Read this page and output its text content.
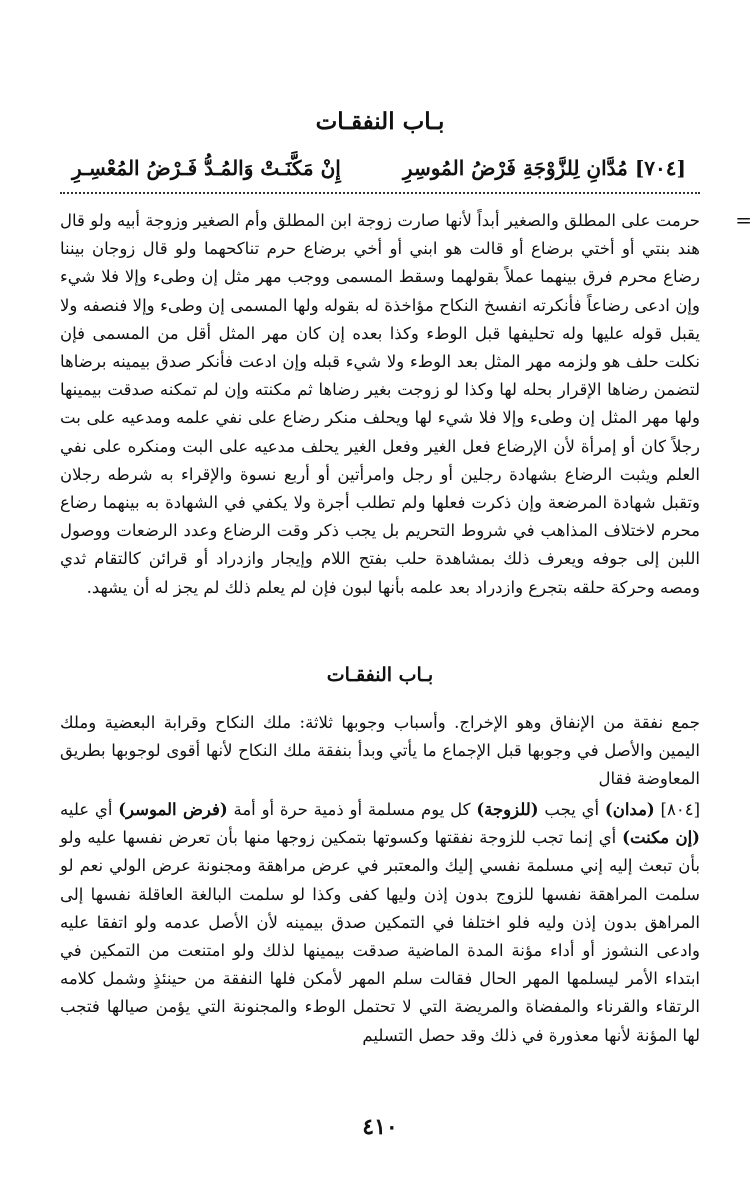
بـاب النفقـات
[٧٠٤] مُدَّانِ لِلزَّوْجَةِ فَرْضُ المُوسِرِ
إِنْ مَكَّنَـتْ وَالمُـدُّ فَـرْضُ المُعْسِـرِ
=
حرمت على المطلق والصغير أبداً لأنها صارت زوجة ابن المطلق وأم الصغير وزوجة أبيه ولو قال هند بنتي أو أختي برضاع أو قالت هو ابني أو أخي برضاع حرم تناكحهما ولو قال زوجان بيننا رضاع محرم فرق بينهما عملاً بقولهما وسقط المسمى ووجب مهر مثل إن وطىء وإلا فلا شيء وإن ادعى رضاعاً فأنكرته انفسخ النكاح مؤاخذة له بقوله ولها المسمى إن وطىء وإلا فنصفه ولا يقبل قوله عليها وله تحليفها قبل الوطء وكذا بعده إن كان مهر المثل أقل من المسمى فإن نكلت حلف هو ولزمه مهر المثل بعد الوطء ولا شيء قبله وإن ادعت فأنكر صدق بيمينه برضاها لتضمن رضاها الإقرار بحله لها وكذا لو زوجت بغير رضاها ثم مكنته وإن لم تمكنه صدقت بيمينها ولها مهر المثل إن وطىء وإلا فلا شيء لها ويحلف منكر رضاع على نفي علمه ومدعيه على بت رجلاً كان أو إمرأة لأن الإرضاع فعل الغير وفعل الغير يحلف مدعيه على البت ومنكره على نفي العلم ويثبت الرضاع بشهادة رجلين أو رجل وامرأتين أو أربع نسوة والإقراء به شرطه رجلان وتقبل شهادة المرضعة وإن ذكرت فعلها ولم تطلب أجرة ولا يكفي في الشهادة به بينهما رضاع محرم لاختلاف المذاهب في شروط التحريم بل يجب ذكر وقت الرضاع وعدد الرضعات ووصول اللبن إلى جوفه ويعرف ذلك بمشاهدة حلب بفتح اللام وإيجار وازدراد أو قرائن كالتقام ثدي ومصه وحركة حلقه بتجرع وازدراد بعد علمه بأنها لبون فإن لم يعلم ذلك لم يجز له أن يشهد.
بـاب النفقـات
جمع نفقة من الإنفاق وهو الإخراج. وأسباب وجوبها ثلاثة: ملك النكاح وقرابة البعضية وملك اليمين والأصل في وجوبها قبل الإجماع ما يأتي وبدأ بنفقة ملك النكاح لأنها أقوى لوجوبها بطريق المعاوضة فقال
[٨٠٤] (مدان) أي يجب (للزوجة) كل يوم مسلمة أو ذمية حرة أو أمة (فرض الموسر) أي عليه (إن مكنت) أي إنما تجب للزوجة نفقتها وكسوتها بتمكين زوجها منها بأن تعرض نفسها عليه ولو بأن تبعث إليه إني مسلمة نفسي إليك والمعتبر في عرض مراهقة ومجنونة عرض الولي نعم لو سلمت المراهقة نفسها للزوج بدون إذن وليها كفى وكذا لو سلمت البالغة العاقلة نفسها إلى المراهق بدون إذن وليه فلو اختلفا في التمكين صدق بيمينه لأن الأصل عدمه ولو اتفقا عليه وادعى النشوز أو أداء مؤنة المدة الماضية صدقت بيمينها لذلك ولو امتنعت من التمكين في ابتداء الأمر ليسلمها المهر الحال فقالت سلم المهر لأمكن فلها النفقة من حينئذٍ وشمل كلامه الرتقاء والقرناء والمفضاة والمريضة التي لا تحتمل الوطء والمجنونة التي يؤمن صيالها فتجب لها المؤنة لأنها معذورة في ذلك وقد حصل التسليم
٤١٠
